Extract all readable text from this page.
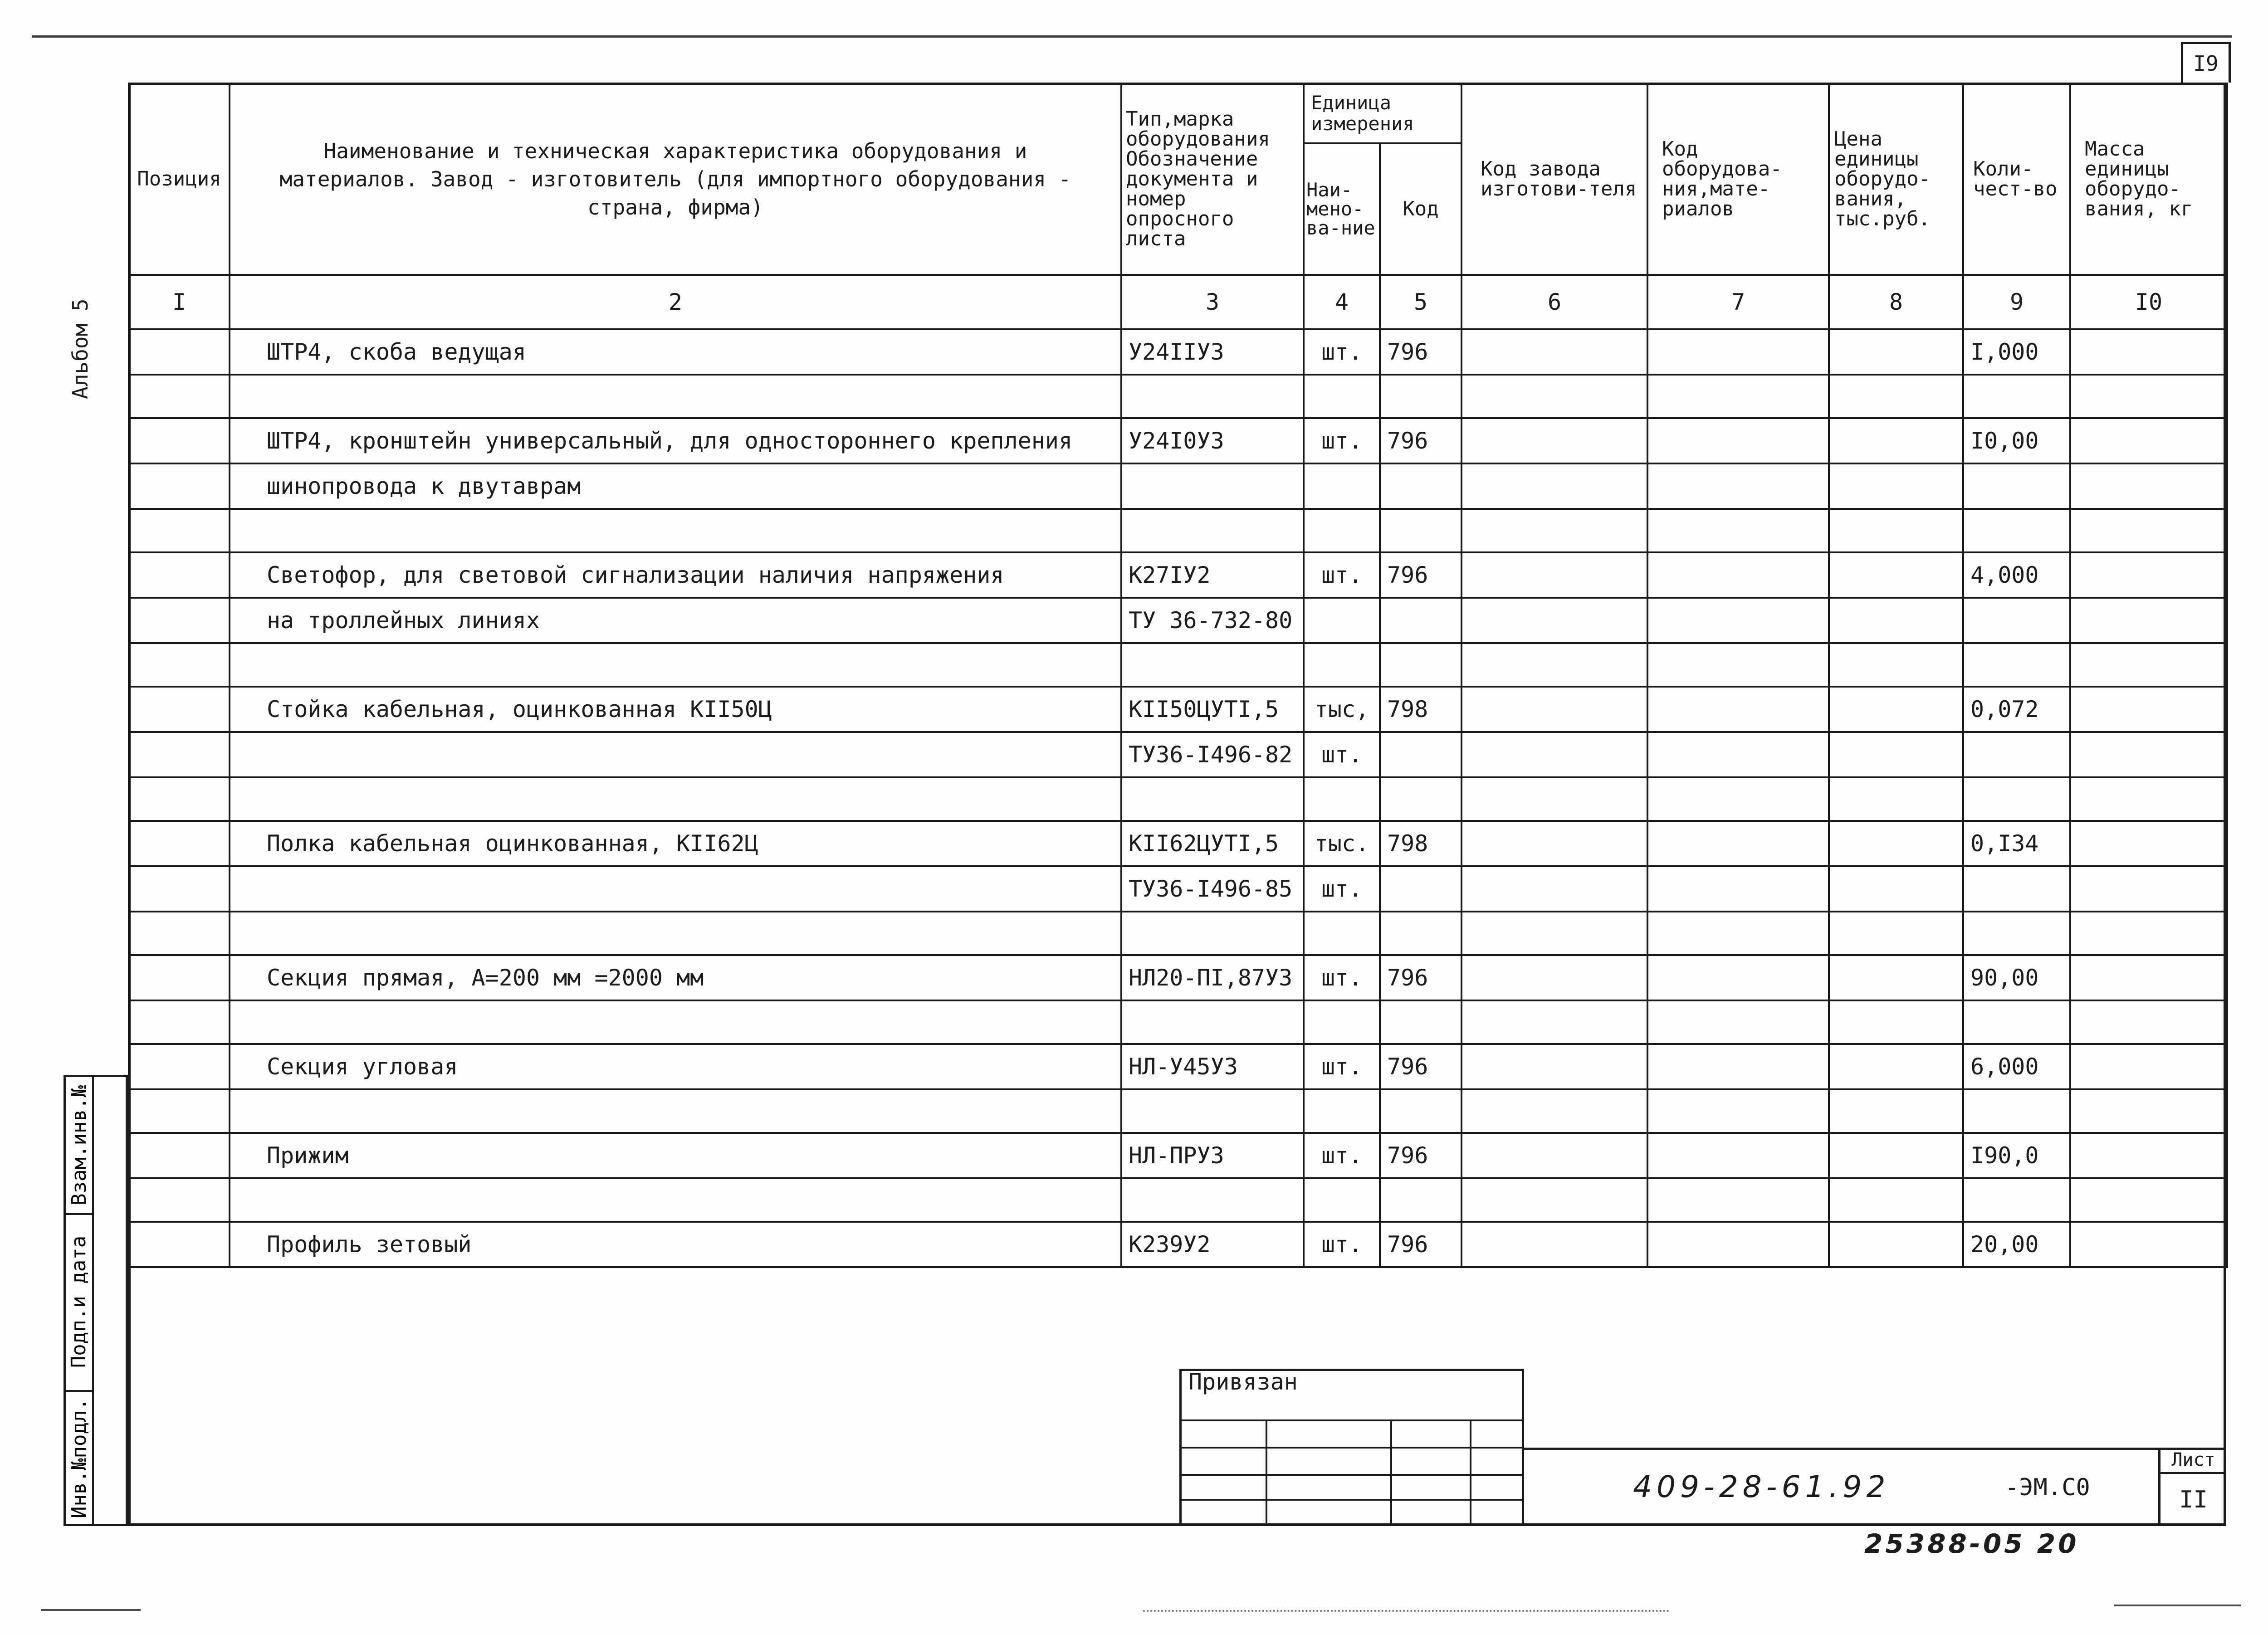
I9
Альбом 5
Позиция	Наименование и техническая характеристика оборудования и материалов. Завод - изготовитель (для импортного оборудования - страна, фирма)	Тип,марка оборудования Обозначение документа и номер опросного листа	Единица измерения		Код завода изготови-теля	Код оборудова-ния,мате-риалов	Цена единицы оборудо-вания, тыс.руб.	Коли-чест-во	Масса единицы оборудо-вания, кг
			Наи-мено-ва-ние	Код					
I	2	3	4	5	6	7	8	9	I0
	ШТР4, скоба ведущая	У24IIУ3	шт.	796				I,000	

	ШТР4, кронштейн универсальный, для одностороннего крепления	У24I0У3	шт.	796				I0,00	
	шинопровода к двутаврам								

	Светофор, для световой сигнализации наличия напряжения	К27IУ2	шт.	796				4,000	
	на троллейных линиях	ТУ 36-732-80							

	Стойка кабельная, оцинкованная КII50Ц	КII50ЦУТI,5	тыс,	798				0,072	
		ТУ36-I496-82	шт.						

	Полка кабельная оцинкованная, КII62Ц	КII62ЦУТI,5	тыс.	798				0,I34	
		ТУ36-I496-85	шт.						

	Секция прямая, А=200 мм =2000 мм	НЛ20-ПI,87У3	шт.	796				90,00	

	Секция угловая	НЛ-У45У3	шт.	796				6,000	

	Прижим	НЛ-ПРУ3	шт.	796				I90,0	

	Профиль зетовый	К239У2	шт.	796				20,00	
Взам.инв.№
Подп.и дата
Инв.№подл.
Привязан
409-28-61.92	-ЭМ.С0
Лист
II
25388-05 20
